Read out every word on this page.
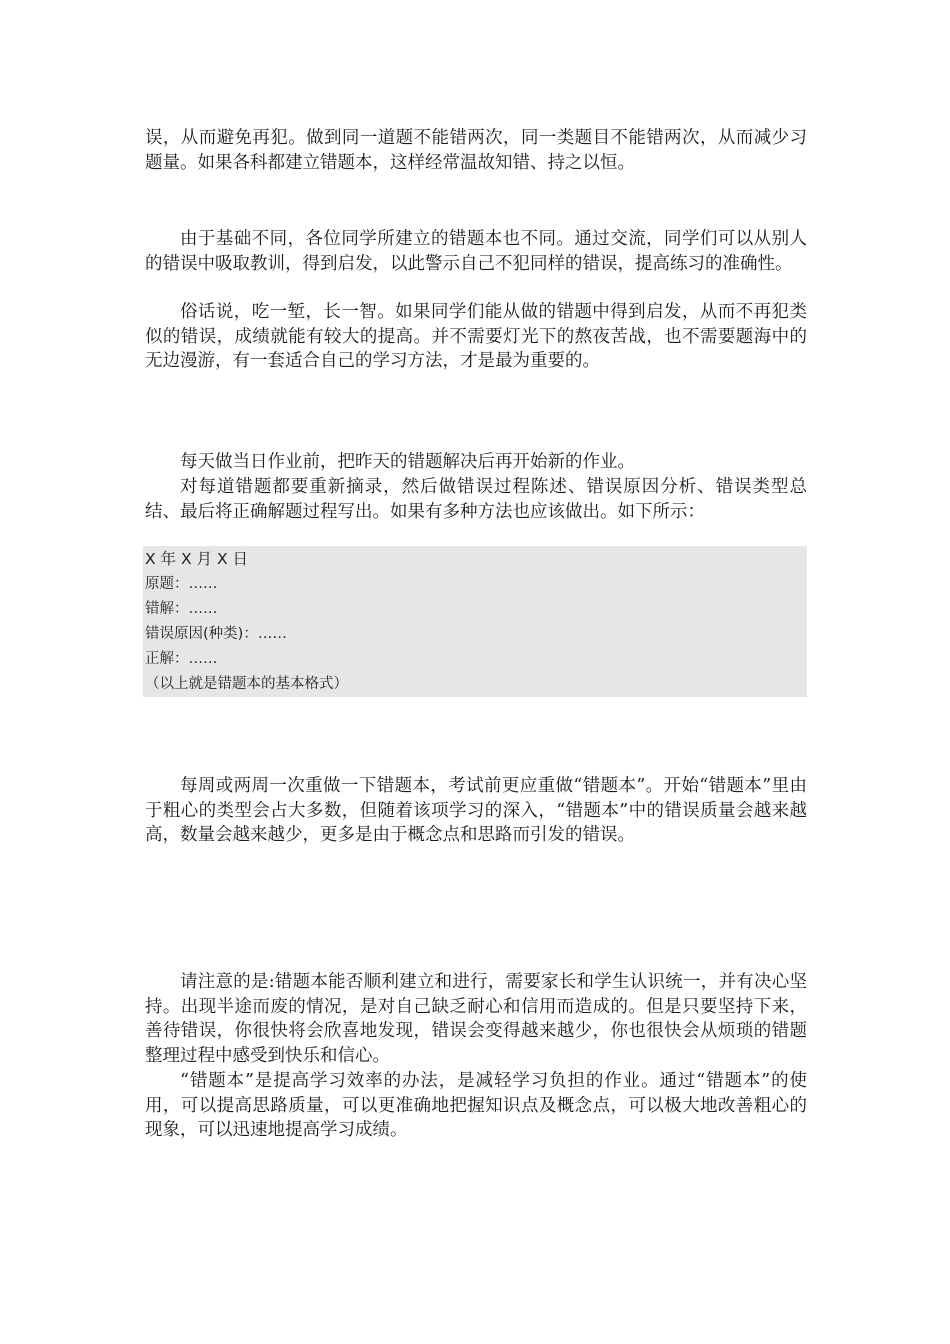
误，从而避免再犯。做到同一道题不能错两次，同一类题目不能错两次，从而减少习题量。如果各科都建立错题本，这样经常温故知错、持之以恒。

由于基础不同，各位同学所建立的错题本也不同。通过交流，同学们可以从别人的错误中吸取教训，得到启发，以此警示自己不犯同样的错误，提高练习的准确性。

俗话说，吃一堑，长一智。如果同学们能从做的错题中得到启发，从而不再犯类似的错误，成绩就能有较大的提高。并不需要灯光下的熬夜苦战，也不需要题海中的无边漫游，有一套适合自己的学习方法，才是最为重要的。

每天做当日作业前，把昨天的错题解决后再开始新的作业。

对每道错题都要重新摘录，然后做错误过程陈述、错误原因分析、错误类型总结、最后将正确解题过程写出。如果有多种方法也应该做出。如下所示：

X 年 X 月 X 日

原题：……

错解：……

错误原因(种类)：……

正解：……

（以上就是错题本的基本格式）

每周或两周一次重做一下错题本，考试前更应重做“错题本”。开始“错题本”里由于粗心的类型会占大多数，但随着该项学习的深入，“错题本”中的错误质量会越来越高，数量会越来越少，更多是由于概念点和思路而引发的错误。

请注意的是:错题本能否顺利建立和进行，需要家长和学生认识统一，并有决心坚持。出现半途而废的情况，是对自己缺乏耐心和信用而造成的。但是只要坚持下来，善待错误，你很快将会欣喜地发现，错误会变得越来越少，你也很快会从烦琐的错题整理过程中感受到快乐和信心。

“错题本”是提高学习效率的办法，是减轻学习负担的作业。通过“错题本”的使用，可以提高思路质量，可以更准确地把握知识点及概念点，可以极大地改善粗心的现象，可以迅速地提高学习成绩。
